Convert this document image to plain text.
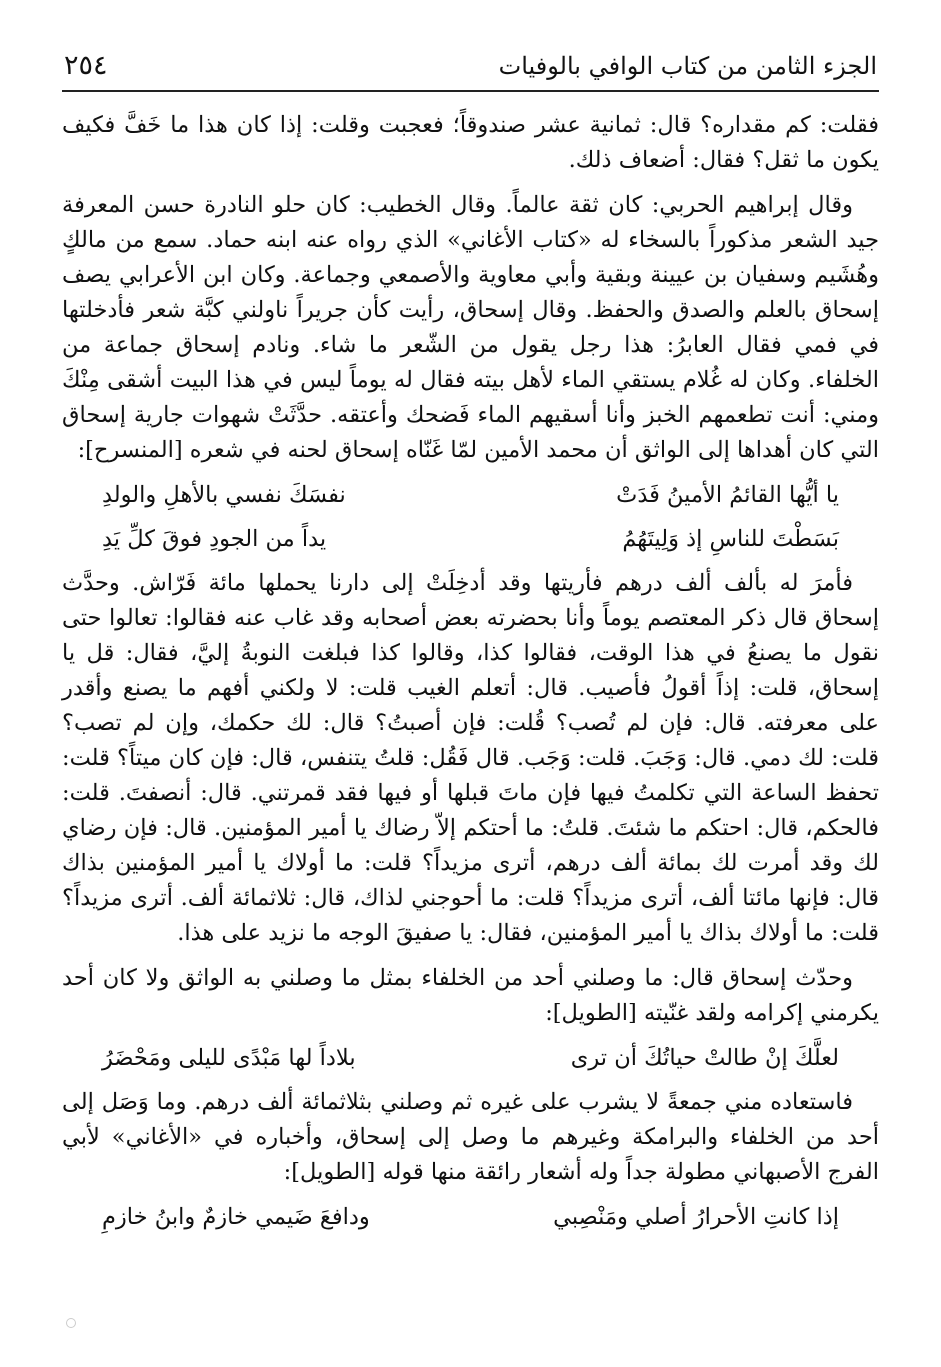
٢٥٤	الجزء الثامن من كتاب الوافي بالوفيات

فقلت: كم مقداره؟ قال: ثمانية عشر صندوقاً؛ فعجبت وقلت: إذا كان هذا ما خَفَّ فكيف يكون ما ثقل؟ فقال: أضعاف ذلك.

وقال إبراهيم الحربي: كان ثقة عالماً. وقال الخطيب: كان حلو النادرة حسن المعرفة جيد الشعر مذكوراً بالسخاء له «كتاب الأغاني» الذي رواه عنه ابنه حماد. سمع من مالكٍ وهُشَيم وسفيان بن عيينة وبقية وأبي معاوية والأصمعي وجماعة. وكان ابن الأعرابي يصف إسحاق بالعلم والصدق والحفظ. وقال إسحاق، رأيت كأن جريراً ناولني كبَّة شعر فأدخلتها في فمي فقال العابرُ: هذا رجل يقول من الشّعر ما شاء. ونادم إسحاق جماعة من الخلفاء. وكان له غُلام يستقي الماء لأهل بيته فقال له يوماً ليس في هذا البيت أشقى مِنْكَ ومني: أنت تطعمهم الخبز وأنا أسقيهم الماء فَضحك وأعتقه. حدَّثَتْ شهوات جارية إسحاق التي كان أهداها إلى الواثق أن محمد الأمين لمّا غَنّاه إسحاق لحنه في شعره [المنسرح]:

يا أيُّها القائمُ الأمينُ فَدَتْ
نفسَكَ نفسي بالأهلِ والولدِ
بَسَطْتَ للناسِ إذ وَلِيتَهُمُ
يداً من الجودِ فوقَ كلِّ يَدِ

فأمرَ له بألف ألف درهم فأريتها وقد أدخِلَتْ إلى دارنا يحملها مائة فَرّاش. وحدَّث إسحاق قال ذكر المعتصم يوماً وأنا بحضرته بعض أصحابه وقد غاب عنه فقالوا: تعالوا حتى نقول ما يصنعُ في هذا الوقت، فقالوا كذا، وقالوا كذا فبلغت النوبةُ إليَّ، فقال: قل يا إسحاق، قلت: إذاً أقولُ فأصيب. قال: أتعلم الغيب قلت: لا ولكني أفهم ما يصنع وأقدر على معرفته. قال: فإن لم تُصب؟ قُلت: فإن أصبتُ؟ قال: لك حكمك، وإن لم تصب؟ قلت: لك دمي. قال: وَجَبَ. قلت: وَجَب. قال فَقُل: قلتُ يتنفس، قال: فإن كان ميتاً؟ قلت: تحفظ الساعة التي تكلمتُ فيها فإن ماتَ قبلها أو فيها فقد قمرتني. قال: أنصفتَ. قلت: فالحكم، قال: احتكم ما شئتَ. قلتُ: ما أحتكم إلاّ رضاك يا أمير المؤمنين. قال: فإن رضاي لك وقد أمرت لك بمائة ألف درهم، أترى مزيداً؟ قلت: ما أولاك يا أمير المؤمنين بذاك قال: فإنها مائتا ألف، أترى مزيداً؟ قلت: ما أحوجني لذاك، قال: ثلاثمائة ألف. أترى مزيداً؟ قلت: ما أولاك بذاك يا أمير المؤمنين، فقال: يا صفيقَ الوجه ما نزيد على هذا.

وحدّث إسحاق قال: ما وصلني أحد من الخلفاء بمثل ما وصلني به الواثق ولا كان أحد يكرمني إكرامه ولقد غنّيته [الطويل]:

لعلَّكَ إنْ طالتْ حياتُكَ أن ترى
بلاداً لها مَبْدًى لليلى ومَحْضَرُ

فاستعاده مني جمعةً لا يشرب على غيره ثم وصلني بثلاثمائة ألف درهم. وما وَصَل إلى أحد من الخلفاء والبرامكة وغيرهم ما وصل إلى إسحاق، وأخباره في «الأغاني» لأبي الفرج الأصبهاني مطولة جداً وله أشعار رائقة منها قوله [الطويل]:

إذا كانتِ الأحرارُ أصلي ومَنْصِبي
ودافعَ ضَيمي خازمٌ وابنُ خازمِ
